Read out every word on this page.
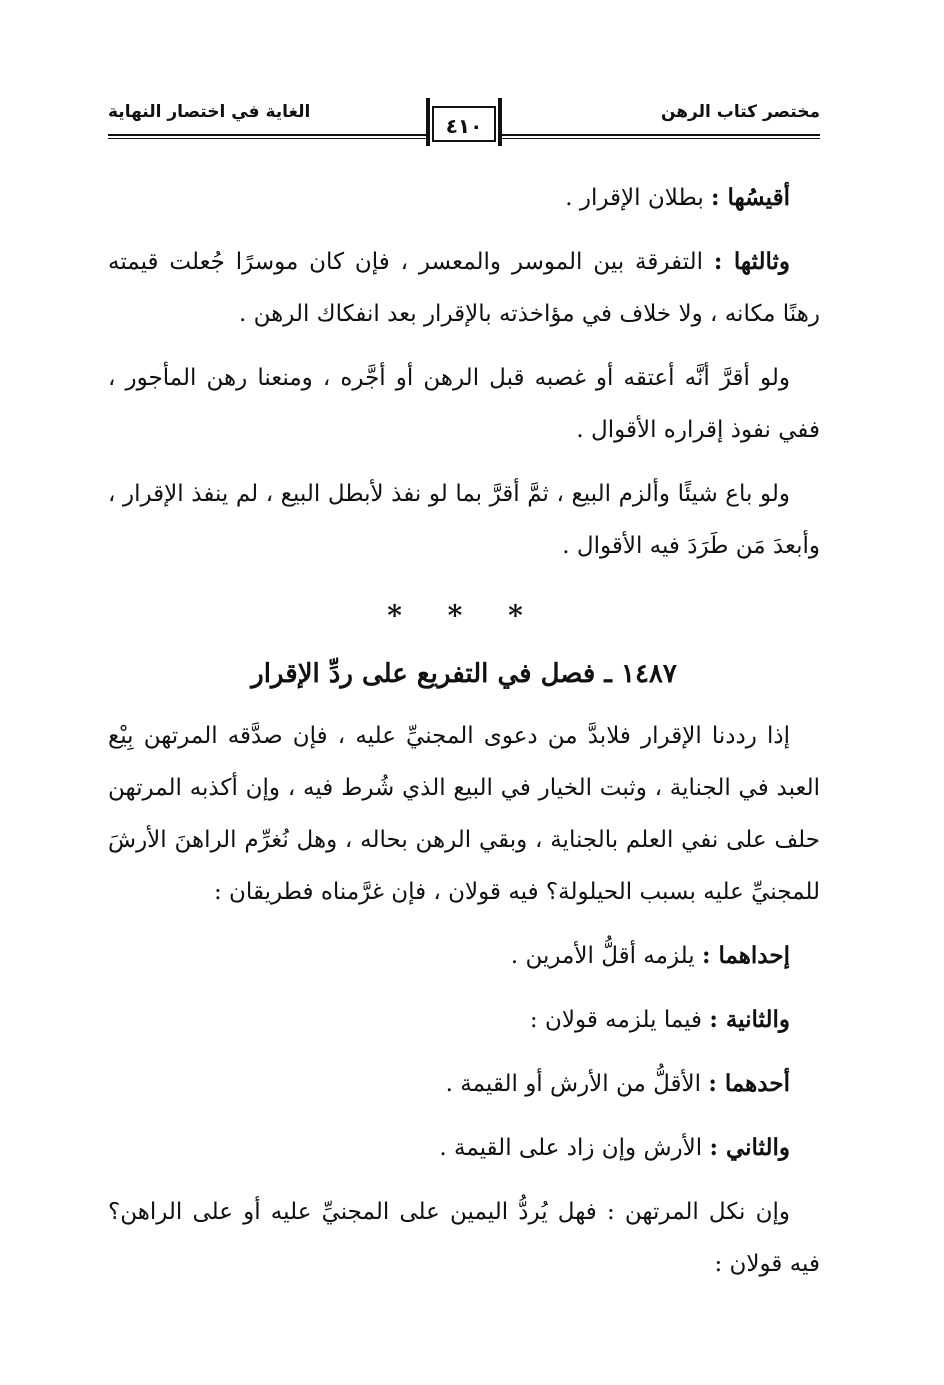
مختصر كتاب الرهن
الغاية في اختصار النهاية
٤١٠

أقيسُها : بطلان الإقرار .

وثالثها : التفرقة بين الموسر والمعسر ، فإن كان موسرًا جُعلت قيمته رهنًا مكانه ، ولا خلاف في مؤاخذته بالإقرار بعد انفكاك الرهن .

ولو أقرَّ أنَّه أعتقه أو غصبه قبل الرهن أو أجَّره ، ومنعنا رهن المأجور ، ففي نفوذ إقراره الأقوال .

ولو باع شيئًا وألزم البيع ، ثمَّ أقرَّ بما لو نفذ لأبطل البيع ، لم ينفذ الإقرار ، وأبعدَ مَن طَرَدَ فيه الأقوال .

* * *
١٤٨٧ ـ فصل في التفريع على ردِّ الإقرار

إذا رددنا الإقرار فلابدَّ من دعوى المجنيِّ عليه ، فإن صدَّقه المرتهن بِيْع العبد في الجناية ، وثبت الخيار في البيع الذي شُرط فيه ، وإن أكذبه المرتهن حلف على نفي العلم بالجناية ، وبقي الرهن بحاله ، وهل نُغرِّم الراهنَ الأرشَ للمجنيِّ عليه بسبب الحيلولة؟ فيه قولان ، فإن غرَّمناه فطريقان :

إحداهما : يلزمه أقلُّ الأمرين .

والثانية : فيما يلزمه قولان :

أحدهما : الأقلُّ من الأرش أو القيمة .

والثاني : الأرش وإن زاد على القيمة .

وإن نكل المرتهن : فهل يُردُّ اليمين على المجنيِّ عليه أو على الراهن؟ فيه قولان :
